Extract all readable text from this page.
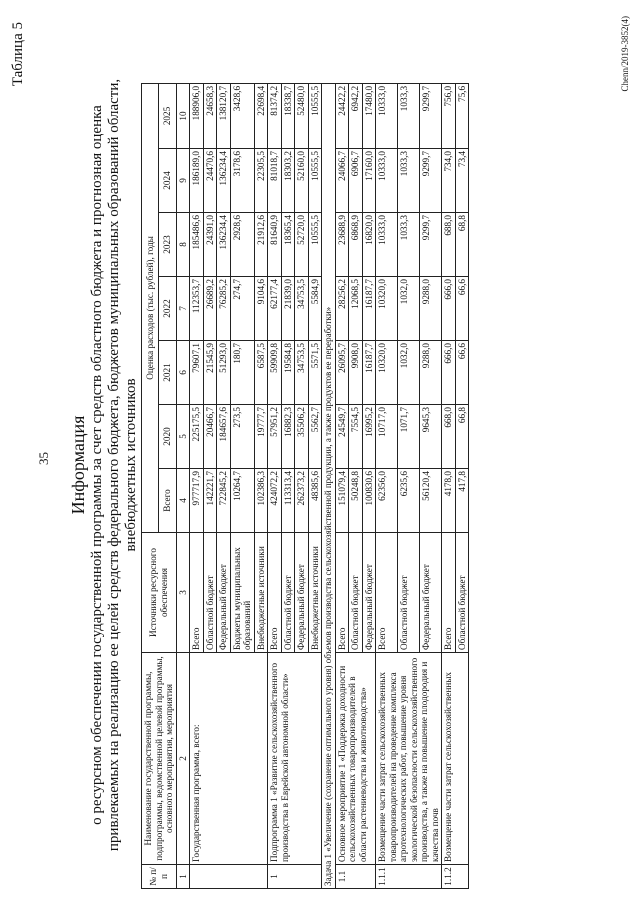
35
Таблица 5
Информация о ресурсном обеспечении государственной программы за счет средств областного бюджета и прогнозная оценка привлекаемых на реализацию ее целей средств федерального бюджета, бюджетов муниципальных образований области, внебюджетных источников
№ п/п	Наименование государственной программы, подпрограммы, ведомственной целевой программы, основного мероприятия, мероприятия	Источники ресурсного обеспечения	Оценка расходов (тыс. рублей), годы						
			Всего	2020	2021	2022	2023	2024	2025
1	2	3	4	5	6	7	8	9	10
	Государственная программа, всего:	Всего	977717,9	225175,5	79607,1	112353,7	185486,6	186189,0	188906,0
		Областной бюджет	142221,7	20466,7	21545,9	26689,2	24391,0	24470,6	24658,3
		Федеральный бюджет	722845,2	184657,6	51293,0	76285,2	136234,4	136234,4	138120,7
		Бюджеты муниципальных образований	10264,7	273,5	180,7	274,7	2928,6	3178,6	3428,6
		Внебюджетные источники	102386,3	19777,7	6587,5	9104,6	21912,6	22305,5	22698,4
1	Подпрограмма 1 «Развитие сельскохозяйственного производства в Еврейской автономной области»	Всего	424072,2	57951,2	59909,8	62177,4	81640,9	81018,7	81374,2
		Областной бюджет	113313,4	16882,3	19584,8	21839,0	18365,4	18303,2	18338,7
		Федеральный бюджет	262373,2	35506,2	34753,5	34753,5	52720,0	52160,0	52480,0
		Внебюджетные источники	48385,6	5562,7	5571,5	5584,9	10555,5	10555,5	10555,5
Задача 1 «Увеличение (сохранение оптимального уровня) объемов производства сельскохозяйственной продукции, а также продуктов ее переработки»									
1.1	Основное мероприятие 1 «Поддержка доходности сельскохозяйственных товаропроизводителей в области растениеводства и животноводства»	Всего	151079,4	24549,7	26095,7	28256,2	23688,9	24066,7	24422,2
		Областной бюджет	50248,8	7554,5	9908,0	12068,5	6868,9	6906,7	6942,2
		Федеральный бюджет	100830,6	16995,2	16187,7	16187,7	16820,0	17160,0	17480,0
1.1.1	Возмещение части затрат сельскохозяйственных товаропроизводителей на проведение комплекса агротехнологических работ, повышение уровня экологической безопасности сельскохозяйственного производства, а также на повышение плодородия и качества почв	Всего	62356,0	10717,0	10320,0	10320,0	10333,0	10333,0	10333,0
		Областной бюджет	6235,6	1071,7	1032,0	1032,0	1033,3	1033,3	1033,3
		Федеральный бюджет	56120,4	9645,3	9288,0	9288,0	9299,7	9299,7	9299,7
1.1.2	Возмещение части затрат сельскохозяйственных	Всего	4178,0	668,0	666,0	666,0	688,0	734,0	756,0
		Областной бюджет	417,8	66,8	66,6	66,6	68,8	73,4	75,6
Сhenn/2019-3852(4)
